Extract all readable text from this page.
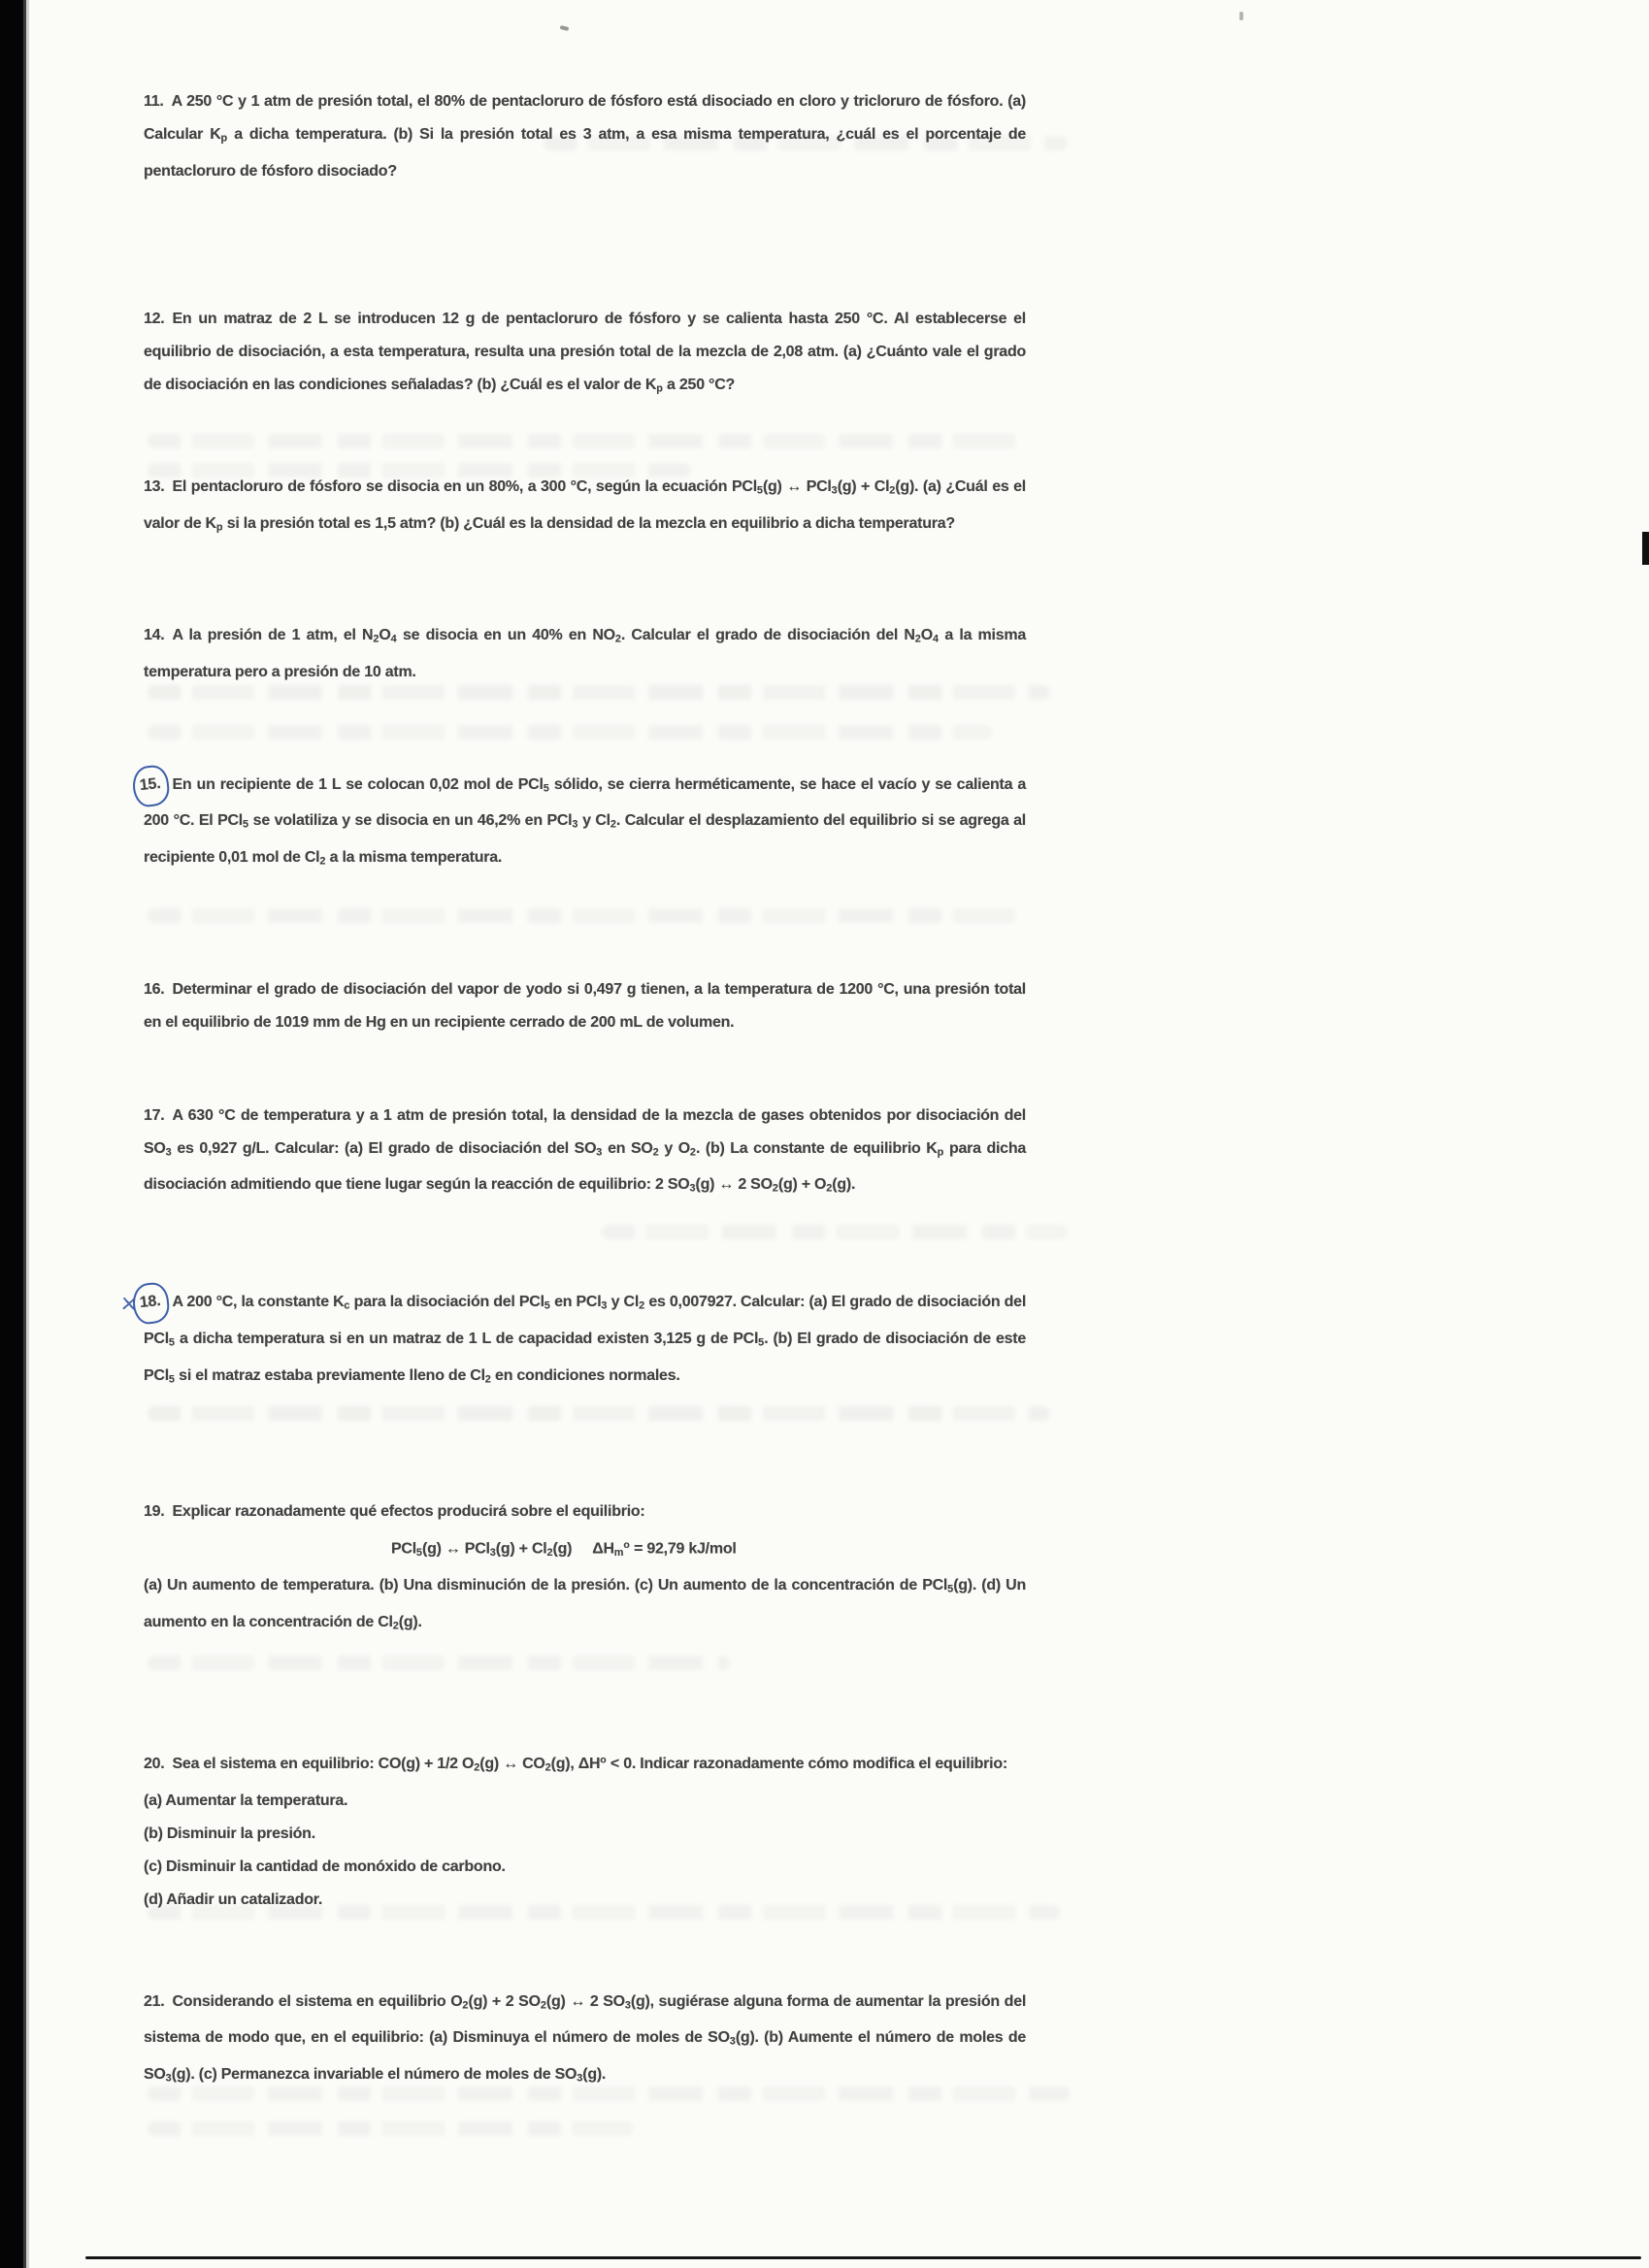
11. A 250 °C y 1 atm de presión total, el 80% de pentacloruro de fósforo está disociado en cloro y tricloruro de fósforo. (a) Calcular $K_p$ a dicha temperatura. (b) Si la presión total es 3 atm, a esa misma temperatura, ¿cuál es el porcentaje de pentacloruro de fósforo disociado?

12. En un matraz de 2 L se introducen 12 g de pentacloruro de fósforo y se calienta hasta 250 °C. Al establecerse el equilibrio de disociación, a esta temperatura, resulta una presión total de la mezcla de 2,08 atm. (a) ¿Cuánto vale el grado de disociación en las condiciones señaladas? (b) ¿Cuál es el valor de $K_p$ a 250 °C?

13. El pentacloruro de fósforo se disocia en un 80%, a 300 °C, según la ecuación PCl$_5$(g) ↔ $PCl_3(g) + Cl_2(g)$. (a) ¿Cuál es el valor de $K_p$ si la presión total es 1,5 atm? (b) ¿Cuál es la densidad de la mezcla en equilibrio a dicha temperatura?

14. A la presión de 1 atm, el $N_2O_4$ se disocia en un 40% en $NO_2$. Calcular el grado de disociación del $N_2O_4$ a la misma temperatura pero a presión de 10 atm.

15. En un recipiente de 1 L se colocan 0,02 mol de PCl$_5$ sólido, se cierra herméticamente, se hace el vacío y se calienta a 200 °C. El PCl$_5$ se volatiliza y se disocia en un 46,2% en PCl$_3$ y $Cl_2$. Calcular el desplazamiento del equilibrio si se agrega al recipiente 0,01 mol de $Cl_2$ a la misma temperatura.

16. Determinar el grado de disociación del vapor de yodo si 0,497 g tienen, a la temperatura de 1200 °C, una presión total en el equilibrio de 1019 mm de Hg en un recipiente cerrado de 200 mL de volumen.

17. A 630 °C de temperatura y a 1 atm de presión total, la densidad de la mezcla de gases obtenidos por disociación del $SO_3$ es 0,927 g/L. Calcular: (a) El grado de disociación del $SO_3$ en $SO_2$ y $O_2$. (b) La constante de equilibrio $K_p$ para dicha disociación admitiendo que tiene lugar según la reacción de equilibrio: 2 $SO_3(g)$ ↔ 2 $SO_2(g) + O_2(g)$.

18. A 200 °C, la constante $K_c$ para la disociación del PCl$_5$ en PCl$_3$ y $Cl_2$ es 0,007927. Calcular: (a) El grado de disociación del PCl$_5$ a dicha temperatura si en un matraz de 1 L de capacidad existen 3,125 g de PCl$_5$. (b) El grado de disociación de este PCl$_5$ si el matraz estaba previamente lleno de $Cl_2$ en condiciones normales.

19. Explicar razonadamente qué efectos producirá sobre el equilibrio:
PCl$_5$(g) ↔ $PCl_3(g) + Cl_2(g)$     $\Delta H_m^o = 92,79$ kJ/mol
(a) Un aumento de temperatura. (b) Una disminución de la presión. (c) Un aumento de la concentración de PCl$_5$(g). (d) Un aumento en la concentración de $Cl_2(g)$.

20. Sea el sistema en equilibrio: CO(g) + 1/2 $O_2(g)$ ↔ $CO_2(g)$, $\Delta H^o < 0$. Indicar razonadamente cómo modifica el equilibrio:
(a) Aumentar la temperatura.
(b) Disminuir la presión.
(c) Disminuir la cantidad de monóxido de carbono.
(d) Añadir un catalizador.

21. Considerando el sistema en equilibrio $O_2(g) + 2$ $SO_2(g)$ ↔ 2 $SO_3(g)$, sugiérase alguna forma de aumentar la presión del sistema de modo que, en el equilibrio: (a) Disminuya el número de moles de $SO_3(g)$. (b) Aumente el número de moles de $SO_3(g)$. (c) Permanezca invariable el número de moles de $SO_3(g)$.
